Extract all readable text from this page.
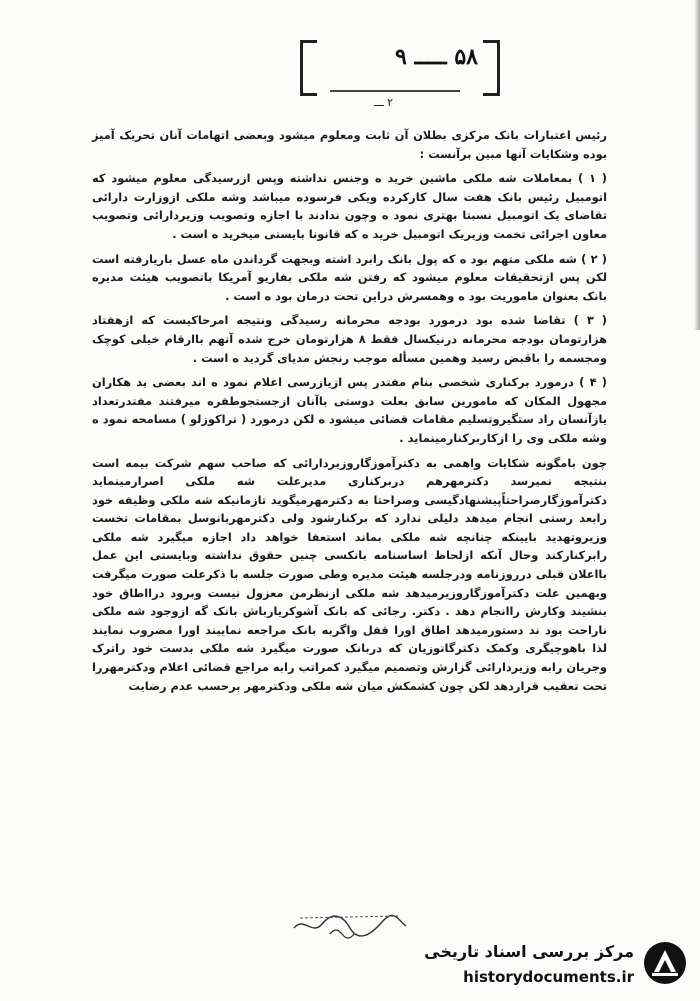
۵۸ ـــــ ۹
۲ ـــ

رئیس اعتبارات بانک مرکزی بطلان آن ثابت ومعلوم میشود وبعضی اتهامات آنان تحریک آمیز بوده وشکایات آنها مبین برآنست :

( ۱ ) بمعاملات شه ملکی ماشین خرید ه وجنس نداشته وپس ازرسیدگی معلوم میشود که اتومبیل رئیس بانک هفت سال کارکرده ویکی فرسوده میباشد وشه ملکی ازوزارت دارائی تقاضای یک اتومبیل نسبتا بهتری نمود ه وچون ندادند با اجازه وتصویب وزیردارائی وتصویب معاون اجرائی تخمت وزیریک اتومبیل خرید ه که قانونا بایستی میخرید ه است .

( ۲ ) شه ملکی متهم بود ه که پول بانک رابرد اشته وبجهت گرداندن ماه عسل باریارفته است لکن پس ازتحقیقات معلوم میشود که رفتن شه ملکی بفاریو آمریکا باتصویب هیئت مدیره بانک بعنوان ماموریت بود ه وهمسرش دراین تحت درمان بود ه است .

( ۳ ) تقاضا شده بود درمورد بودجه محرمانه رسیدگی ونتیجه امرحاکیست که ازهفتاد هزارتومان بودجه محرمانه درنیکسال فقط ۸ هزارتومان خرج شده آنهم باارقام خیلی کوچک ومجسمه را باقبض رسید وهمین مسأله موجب رنجش مدیای گردید ه است .

( ۴ ) درمورد برکناری شخصی بنام مفتدر پس ازیازرسی اعلام نمود ه اند بعضی بد هکاران مجهول المکان که مامورین سابق بعلت دوستی باآنان ازجستجوطفره میرفتند مفتدرتعداد یازآنسان راد ستگیروتسلیم مقامات قضائی میشود ه لکن درمورد ( تراکوزلو ) مسامحه نمود ه وشه ملکی وی را ازکاربرکنارمینماید .

چون بامگونه شکایات واهمی به دکترآموزگاروزیردارائی که صاحب سهم شرکت بیمه است بنتیجه نمیرسد دکترمهرهم دربرکناری مدیرعلت شه ملکی اصرارمینماید دکترآموزگارصراحتاًپیشنهادگیسی وصراحتا به دکترمهرمیگوید تازمانیکه شه ملکی وظیفه خود رابعد رستی انجام میدهد دلیلی ندارد که برکنارشود ولی دکترمهربانوسل بمقامات تخست وزیروتهدید بایینکه چنانچه شه ملکی بماند استعفا خواهد داد اجازه میگیرد شه ملکی رابرکنارکند وحال آنکه ازلحاظ اساسنامه بانکسی چنین حقوق نداشته وبایستی این عمل بااعلان قبلی درروزنامه ودرجلسه هیئت مدیره وطی صورت جلسه با ذکرعلت صورت میگرفت وبهمین علت دکترآموزگاروزیرمیدهد شه ملکی ازنظرمن معزول نیست وبرود درااطاق خود بنشیند وکارش راانجام دهد . دکتر. رجائی که بانک آشوکریارباش بانک گه ازوجود شه ملکی ناراحت بود ند دستورمیدهد اطاق اورا قفل واگربه بانک مراجعه نماییند اورا مضروب نمایند لذا باهوچیگری وکمک دکترگاتوزیان که دربانک صورت میگیرد شه ملکی بدست خود راترک وجریان رابه وزیردارائی گزارش وتصمیم میگیرد کمراتب رابه مراجع قضائی اعلام ودکترمهررا تحت تعقیب قراردهد لکن چون کشمکش میان شه ملکی ودکترمهر برحسب عدم رضایت

مرکز بررسی اسناد تاریخی
historydocuments.ir
